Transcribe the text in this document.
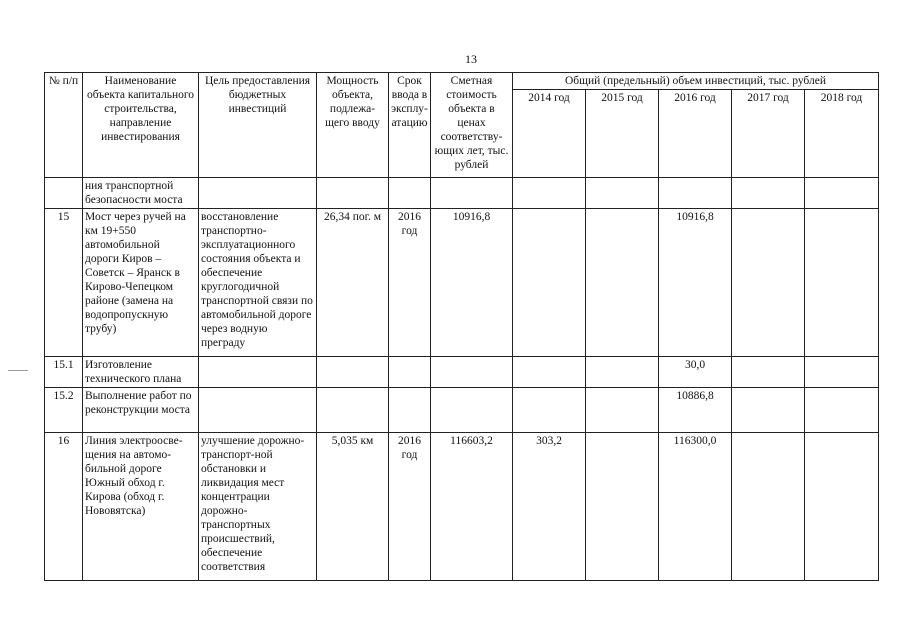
13
№ п/п	Наименование объекта капитального строительства, направление инвестирования	Цель предоставления бюджетных инвестиций	Мощность объекта, подлежа-щего вводу	Срок ввода в эксплу-атацию	Сметная стоимость объекта в ценах соответству-ющих лет, тыс. рублей	Общий (предельный) объем инвестиций, тыс. рублей				
						2014 год	2015 год	2016 год	2017 год	2018 год
	ния транспортной безопасности моста									
15	Мост через ручей на км 19+550 автомобильной дороги Киров – Советск – Яранск в Кирово-Чепецком районе (замена на водопропускную трубу)	восстановление транспортно-эксплуатационного состояния объекта и обеспечение круглогодичной транспортной связи по автомобильной дороге через водную преграду	26,34 пог. м	2016 год	10916,8			10916,8		
15.1	Изготовление технического плана							30,0		
15.2	Выполнение работ по реконструкции моста							10886,8		
16	Линия электроосве-щения на автомо-бильной дороге Южный обход г. Кирова (обход г. Нововятска)	улучшение дорожно-транспорт-ной обстановки и ликвидация мест концентрации дорожно-транспортных происшествий, обеспечение соответствия	5,035 км	2016 год	116603,2	303,2		116300,0		
